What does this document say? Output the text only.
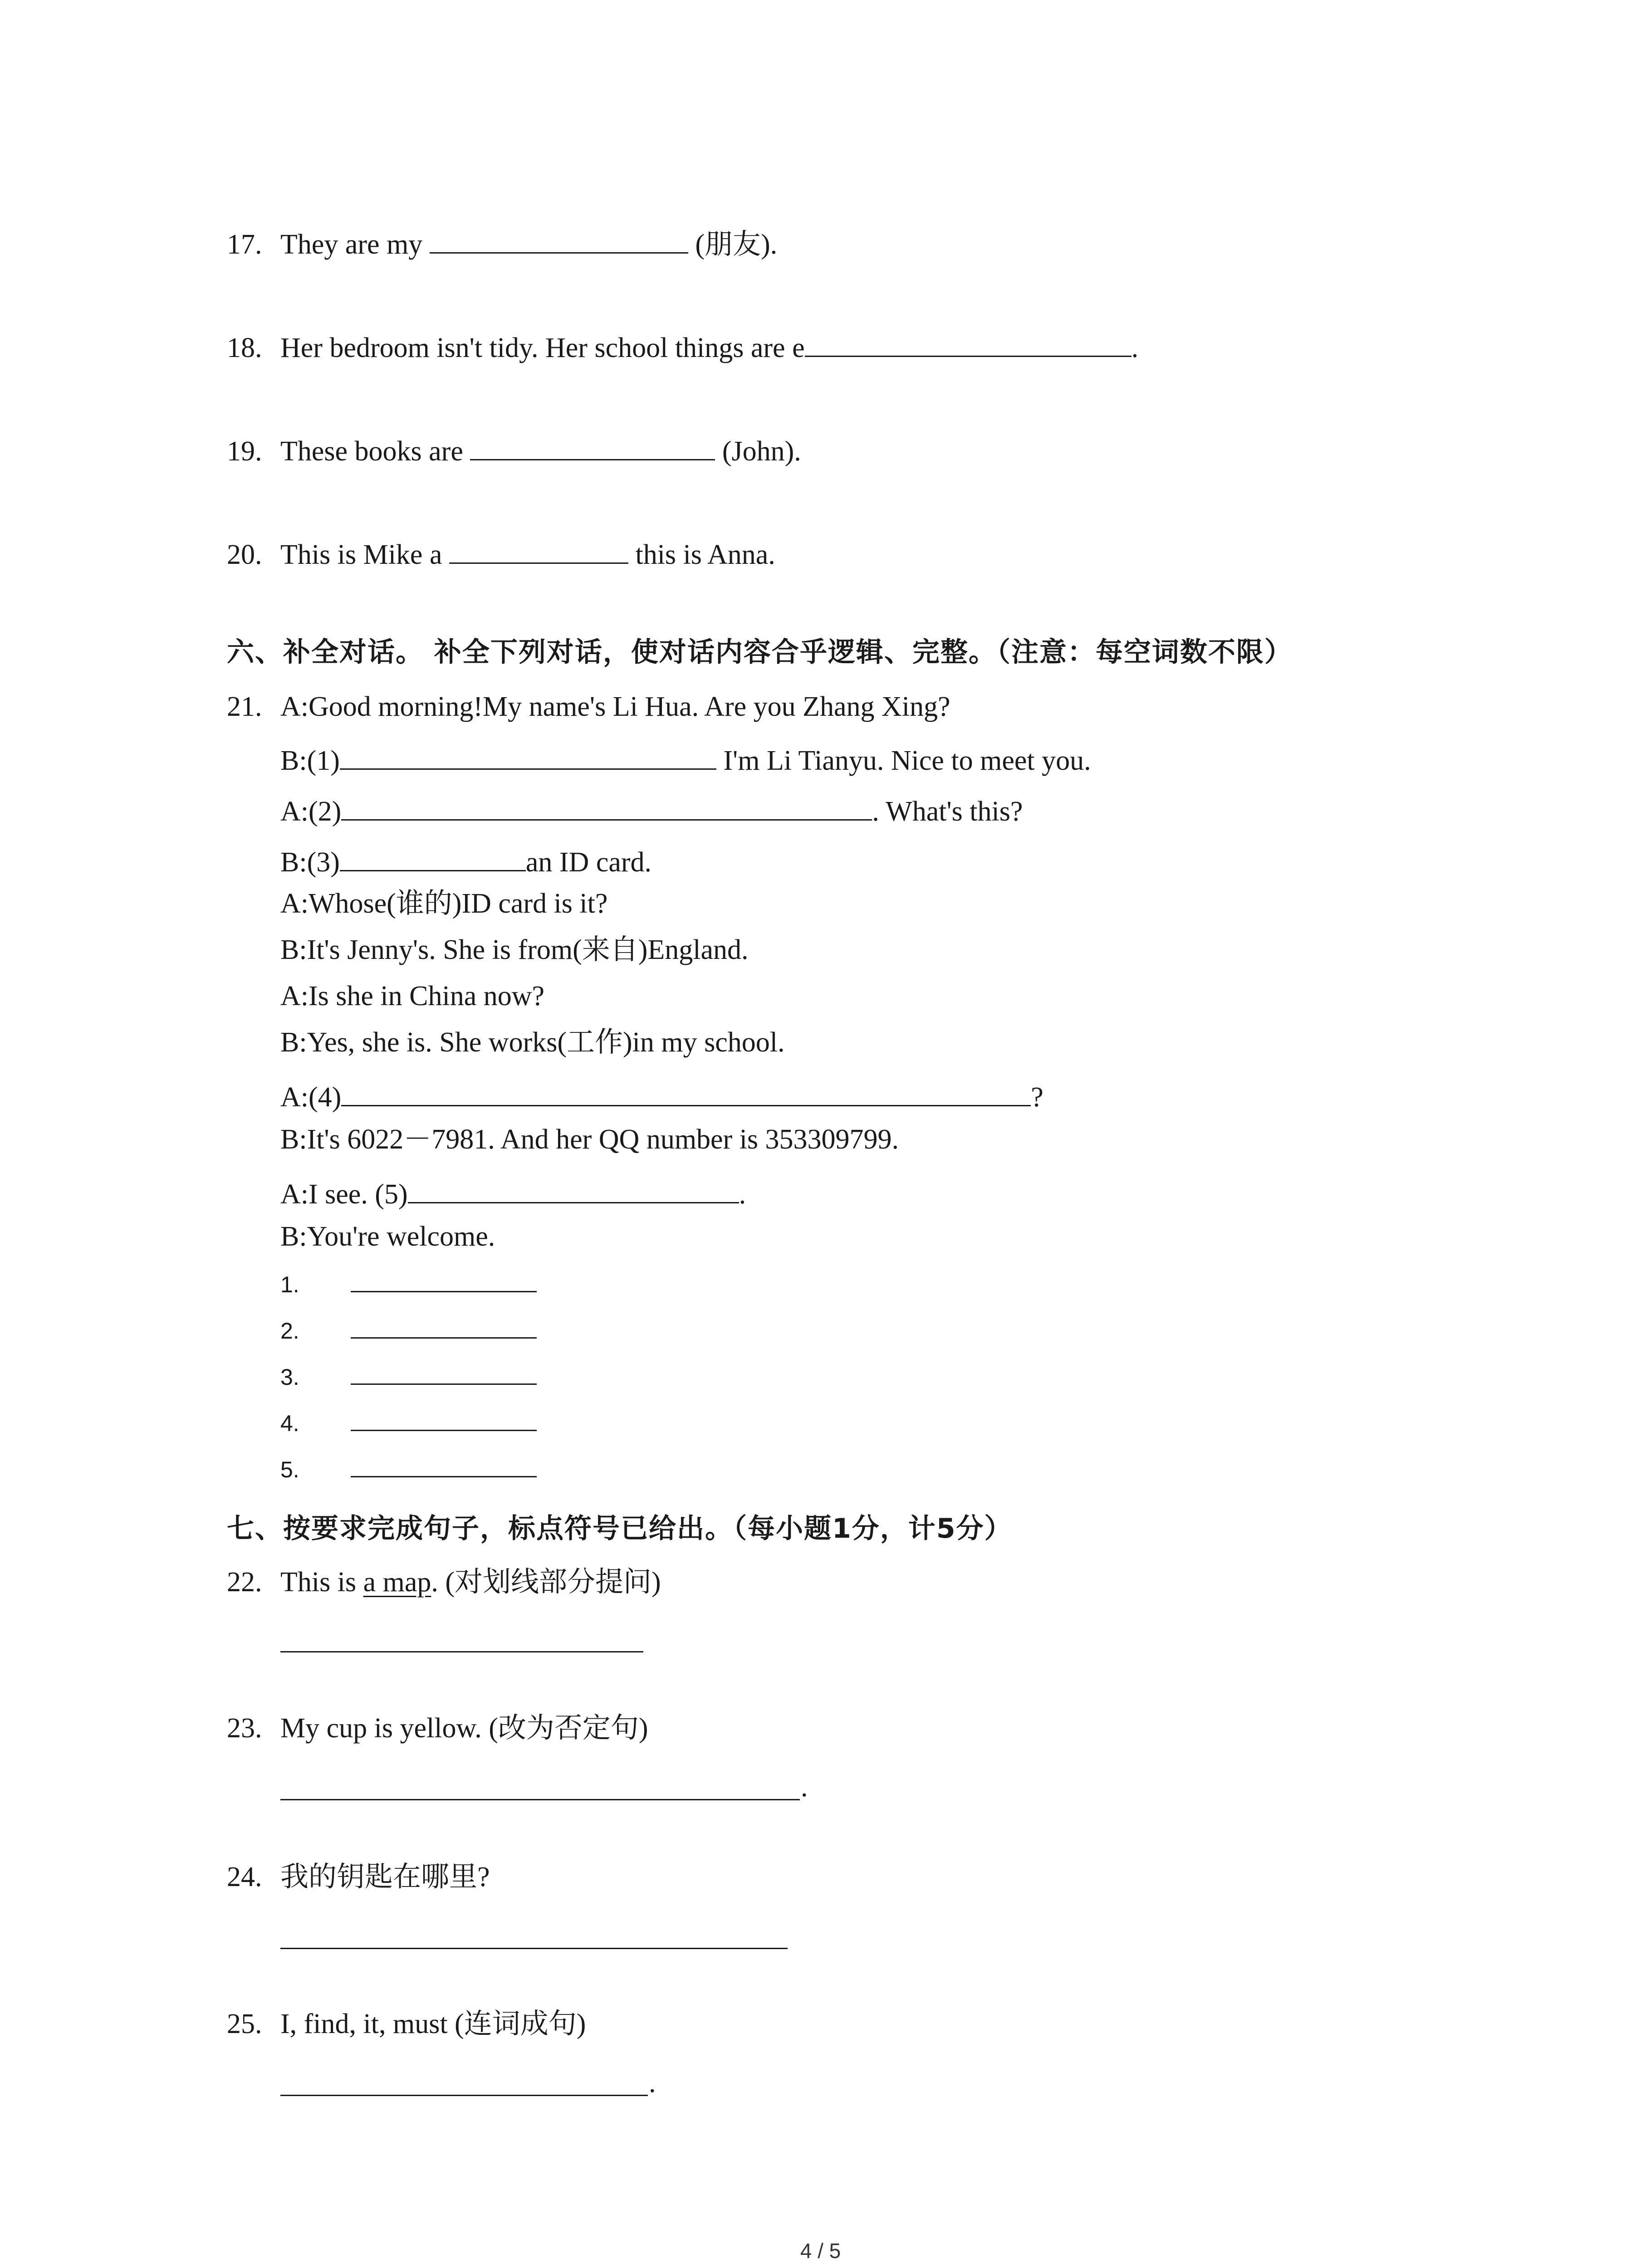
17. They are my	(朋友).
18. Her bedroom isn't tidy. Her school things are e	.
19. These books are	(John).
20. This is Mike a	this is Anna.
六、补全对话。 补全下列对话，使对话内容合乎逻辑、完整。（注意：每空词数不限）
21. A:Good morning!My name's Li Hua. Are you Zhang Xing?
B:(1)	I'm Li Tianyu. Nice to meet you.
A:(2)	. What's this?
B:(3)	an ID card.
A:Whose(谁的)ID card is it?
B:It's Jenny's. She is from(来自)England.
A:Is she in China now?
B:Yes, she is. She works(工作)in my school.
A:(4)	?
B:It's 6022－7981. And her QQ number is 353309799.
A:I see. (5)	.
B:You're welcome.
1.
2.
3.
4.
5.
七、按要求完成句子，标点符号已给出。（每小题1分，计5分）
22. This is a map. (对划线部分提问)
23. My cup is yellow. (改为否定句)
.
24. 我的钥匙在哪里?
25. I, find, it, must (连词成句)
.
4 / 5
